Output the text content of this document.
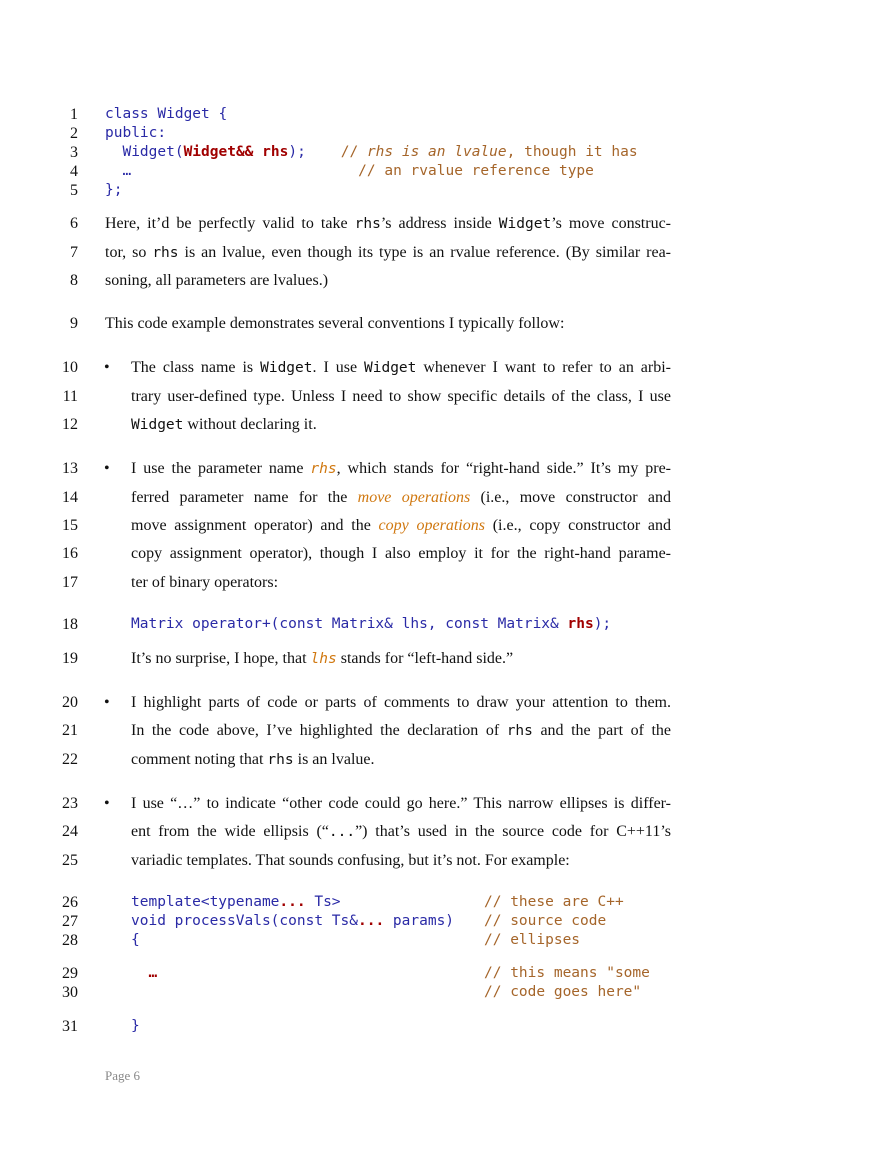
1
2
3
4
5
6
7
8
9
10
11
12
13
14
15
16
17
18
19
20
21
22
23
24
25
26
27
28
29
30
31
class Widget {
public:
Widget(Widget&& rhs);    // rhs is an lvalue, though it has
…                          // an rvalue reference type
};
Here, it’d be perfectly valid to take rhs’s address inside Widget’s move construc-
tor, so rhs is an lvalue, even though its type is an rvalue reference. (By similar rea-
soning, all parameters are lvalues.)
This code example demonstrates several conventions I typically follow:
• The class name is Widget. I use Widget whenever I want to refer to an arbi-
trary user-defined type. Unless I need to show specific details of the class, I use
Widget without declaring it.
• I use the parameter name rhs, which stands for “right-hand side.” It’s my pre-
ferred parameter name for the move operations (i.e., move constructor and
move assignment operator) and the copy operations (i.e., copy constructor and
copy assignment operator), though I also employ it for the right-hand parame-
ter of binary operators:
Matrix operator+(const Matrix& lhs, const Matrix& rhs);
It’s no surprise, I hope, that lhs stands for “left-hand side.”
• I highlight parts of code or parts of comments to draw your attention to them.
In the code above, I’ve highlighted the declaration of rhs and the part of the
comment noting that rhs is an lvalue.
• I use “…” to indicate “other code could go here.” This narrow ellipses is differ-
ent from the wide ellipsis (“...”) that’s used in the source code for C++11’s
variadic templates. That sounds confusing, but it’s not. For example:
template<typename... Ts>	// these are C++
void processVals(const Ts&... params) // source code
{	// ellipses
…	// this means "some
// code goes here"
}
Page 6
